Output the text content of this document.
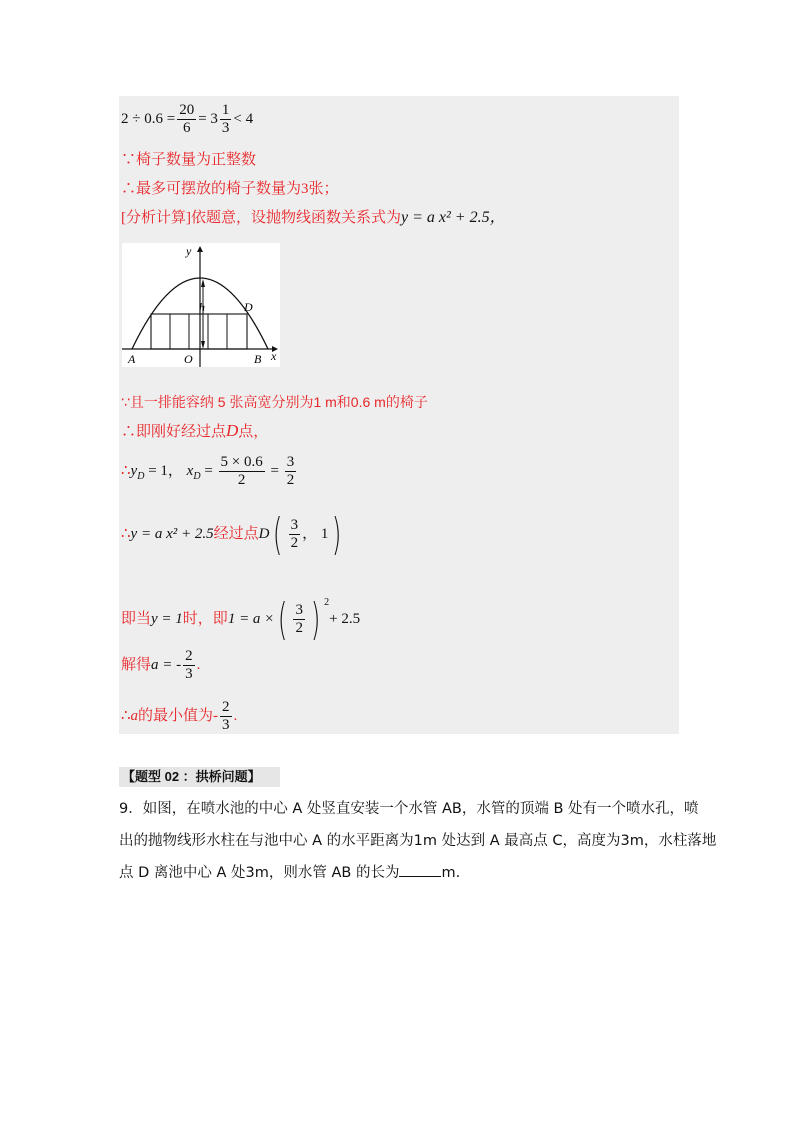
$2 \div 0.6 = \frac{20}{6} = 3 \frac{1}{3} < 4$
∵椅子数量为正整数
∴最多可摆放的椅子数量为3张；
[分析计算]依题意，设抛物线函数关系式为y = a x² + 2.5，
y
x
h	D
A	O	B
∵且一排能容纳 5 张高宽分别为1 m和0.6 m的椅子
∴即刚好经过点D点，
$\therefore y_D = 1$， $x_D = \frac{5 \times 0.6}{2} = \frac{3}{2}$
∴y = a x² + 2.5经过点$D( \frac{3}{2}$ ， 1)
即当y = 1时，即1 = a ×( $\frac{3}{2}$ ) $^2$+ 2.5
解得a = - $\frac{2}{3}$ .
∴a的最小值为- $\frac{2}{3}$ .
【题型 02 ：拱桥问题】
9．如图，在喷水池的中心 A 处竖直安装一个水管 AB，水管的顶端 B 处有一个喷水孔，喷
出的抛物线形水柱在与池中心 A 的水平距离为1m 处达到 A 最高点 C，高度为3m，水柱落地
点 D 离池中心 A 处3m，则水管 AB 的长为	m.
